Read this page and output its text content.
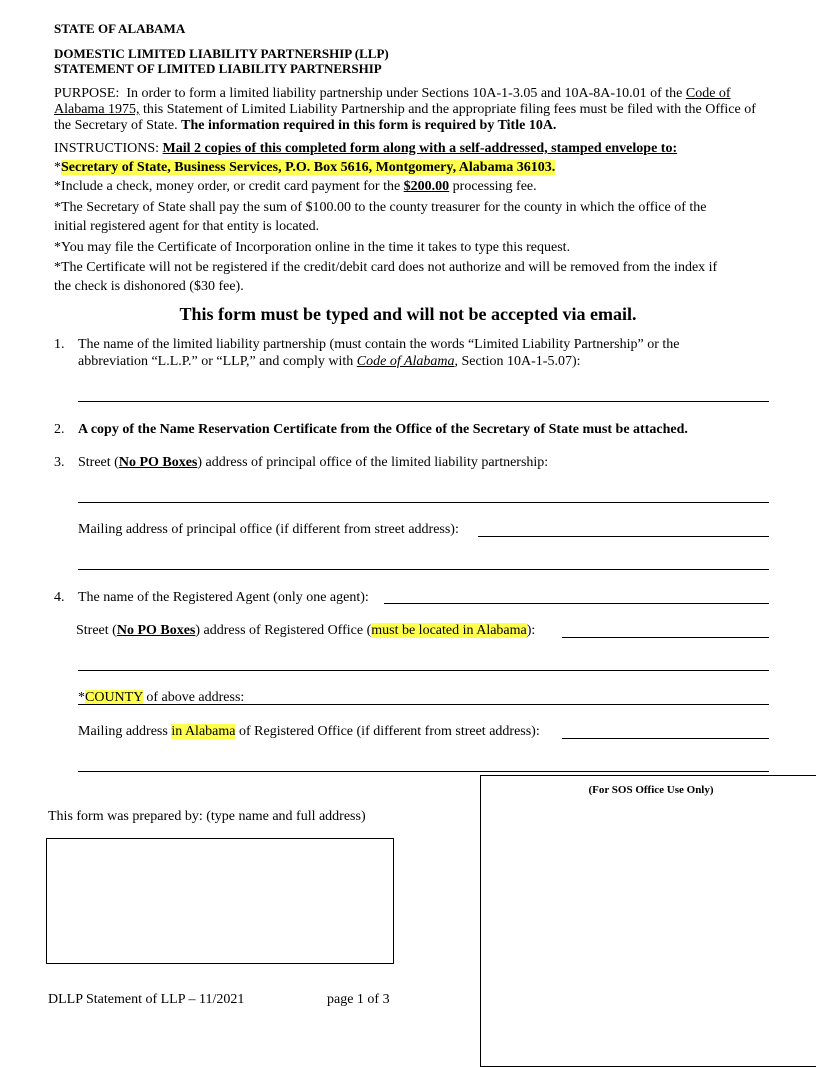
STATE OF ALABAMA
DOMESTIC LIMITED LIABILITY PARTNERSHIP (LLP)
STATEMENT OF LIMITED LIABILITY PARTNERSHIP
PURPOSE: In order to form a limited liability partnership under Sections 10A-1-3.05 and 10A-8A-10.01 of the Code of Alabama 1975, this Statement of Limited Liability Partnership and the appropriate filing fees must be filed with the Office of the Secretary of State. The information required in this form is required by Title 10A.
INSTRUCTIONS: Mail 2 copies of this completed form along with a self-addressed, stamped envelope to:
*Secretary of State, Business Services, P.O. Box 5616, Montgomery, Alabama 36103.
*Include a check, money order, or credit card payment for the $200.00 processing fee.
*The Secretary of State shall pay the sum of $100.00 to the county treasurer for the county in which the office of the
initial registered agent for that entity is located.
*You may file the Certificate of Incorporation online in the time it takes to type this request.
*The Certificate will not be registered if the credit/debit card does not authorize and will be removed from the index if
the check is dishonored ($30 fee).
This form must be typed and will not be accepted via email.
1. The name of the limited liability partnership (must contain the words “Limited Liability Partnership” or the
abbreviation “L.L.P.” or “LLP,” and comply with Code of Alabama, Section 10A-1-5.07):
2. A copy of the Name Reservation Certificate from the Office of the Secretary of State must be attached.
3. Street (No PO Boxes) address of principal office of the limited liability partnership:
Mailing address of principal office (if different from street address):
4. The name of the Registered Agent (only one agent):
Street (No PO Boxes) address of Registered Office (must be located in Alabama):
*COUNTY of above address:
Mailing address in Alabama of Registered Office (if different from street address):
This form was prepared by: (type name and full address)
(For SOS Office Use Only)
DLLP Statement of LLP – 11/2021	page 1 of 3
